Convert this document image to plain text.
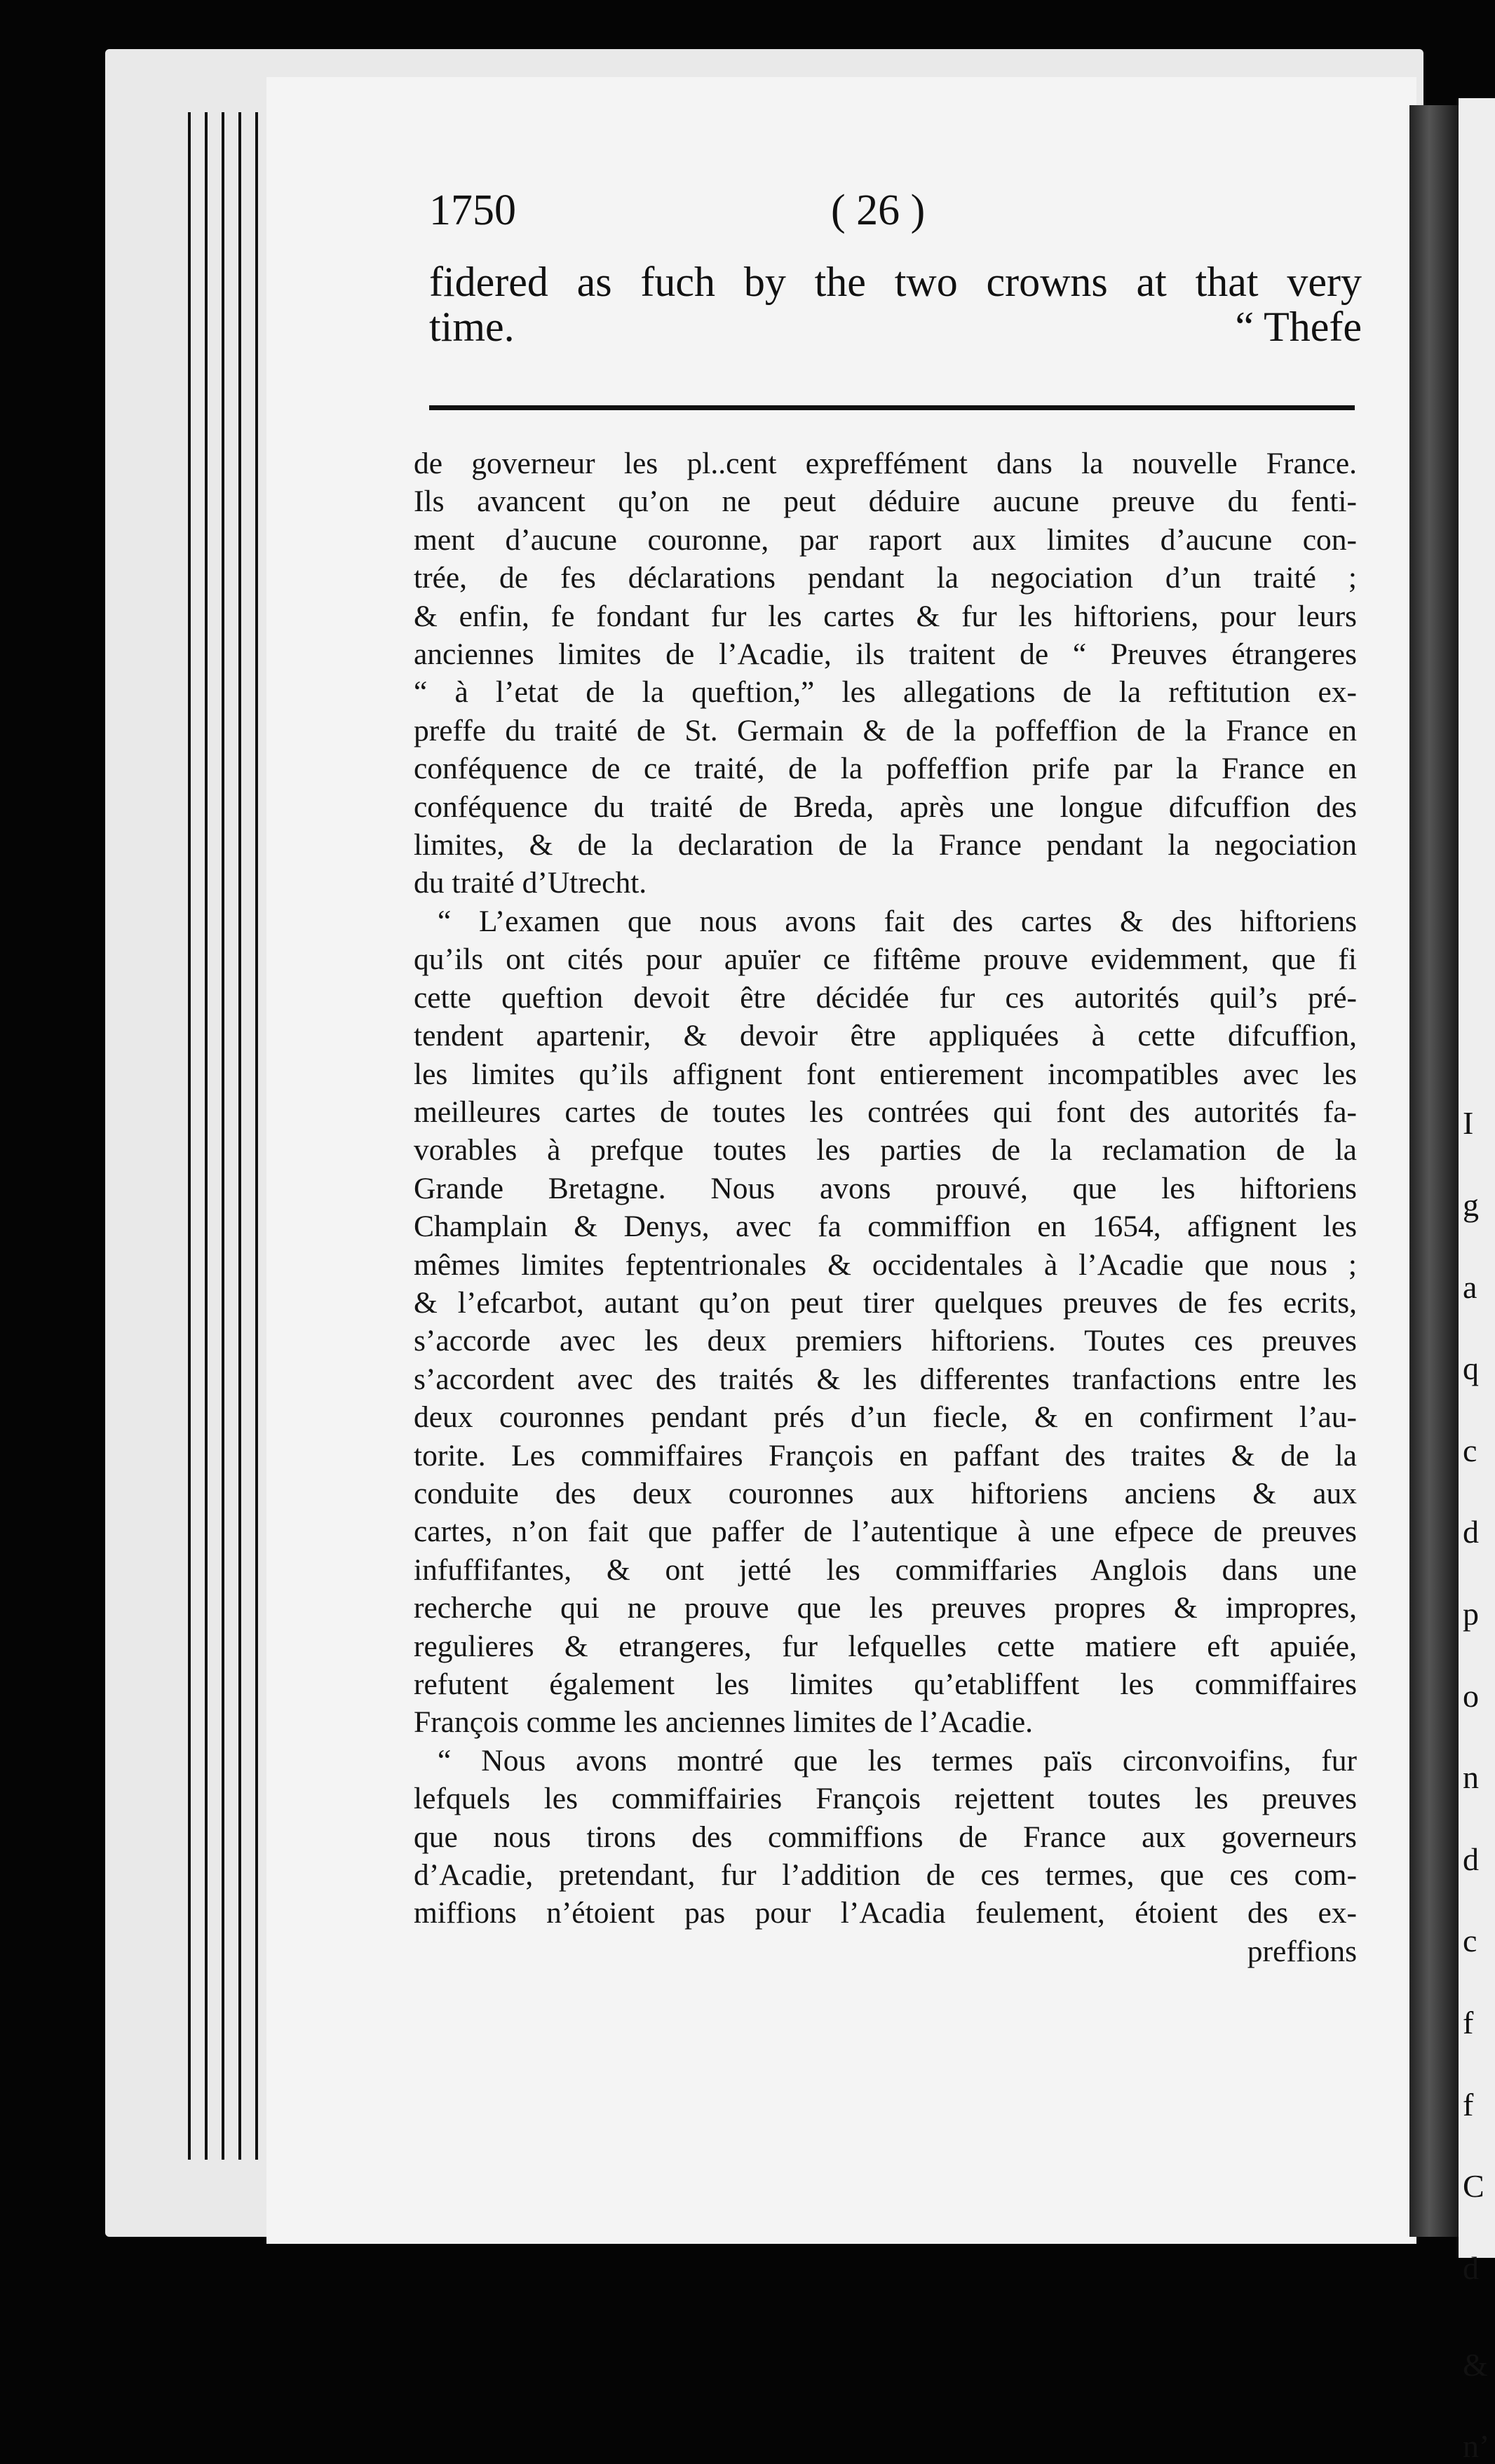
I
g
a
q
c
d
p
o
n
d
c
f
f
C
d
&
n’
1750	( 26 )
fidered as fuch by the two crowns at that very
time.	“ Thefe
de governeur les pl..cent expreffément dans la nouvelle France.
Ils avancent qu’on ne peut déduire aucune preuve du fenti-
ment d’aucune couronne, par raport aux limites d’aucune con-
trée, de fes déclarations pendant la negociation d’un traité ;
& enfin, fe fondant fur les cartes & fur les hiftoriens, pour leurs
anciennes limites de l’Acadie, ils traitent de “ Preuves étrangeres
“ à l’etat de la queftion,” les allegations de la reftitution ex-
preffe du traité de St. Germain & de la poffeffion de la France en
conféquence de ce traité, de la poffeffion prife par la France en
conféquence du traité de Breda, après une longue difcuffion des
limites, & de la declaration de la France pendant la negociation
du traité d’Utrecht.
“ L’examen que nous avons fait des cartes & des hiftoriens
qu’ils ont cités pour apuïer ce fiftême prouve evidemment, que fi
cette queftion devoit être décidée fur ces autorités quil’s pré-
tendent apartenir, & devoir être appliquées à cette difcuffion,
les limites qu’ils affignent font entierement incompatibles avec les
meilleures cartes de toutes les contrées qui font des autorités fa-
vorables à prefque toutes les parties de la reclamation de la
Grande Bretagne. Nous avons prouvé, que les hiftoriens
Champlain & Denys, avec fa commiffion en 1654, affignent les
mêmes limites feptentrionales & occidentales à l’Acadie que nous ;
& l’efcarbot, autant qu’on peut tirer quelques preuves de fes ecrits,
s’accorde avec les deux premiers hiftoriens. Toutes ces preuves
s’accordent avec des traités & les differentes tranfactions entre les
deux couronnes pendant prés d’un fiecle, & en confirment l’au-
torite. Les commiffaires François en paffant des traites & de la
conduite des deux couronnes aux hiftoriens anciens & aux
cartes, n’on fait que paffer de l’autentique à une efpece de preuves
infuffifantes, & ont jetté les commiffaries Anglois dans une
recherche qui ne prouve que les preuves propres & impropres,
regulieres & etrangeres, fur lefquelles cette matiere eft apuiée,
refutent également les limites qu’etabliffent les commiffaires
François comme les anciennes limites de l’Acadie.
“ Nous avons montré que les termes païs circonvoifins, fur
lefquels les commiffairies François rejettent toutes les preuves
que nous tirons des commiffions de France aux governeurs
d’Acadie, pretendant, fur l’addition de ces termes, que ces com-
miffions n’étoient pas pour l’Acadia feulement, étoient des ex-
preffions
